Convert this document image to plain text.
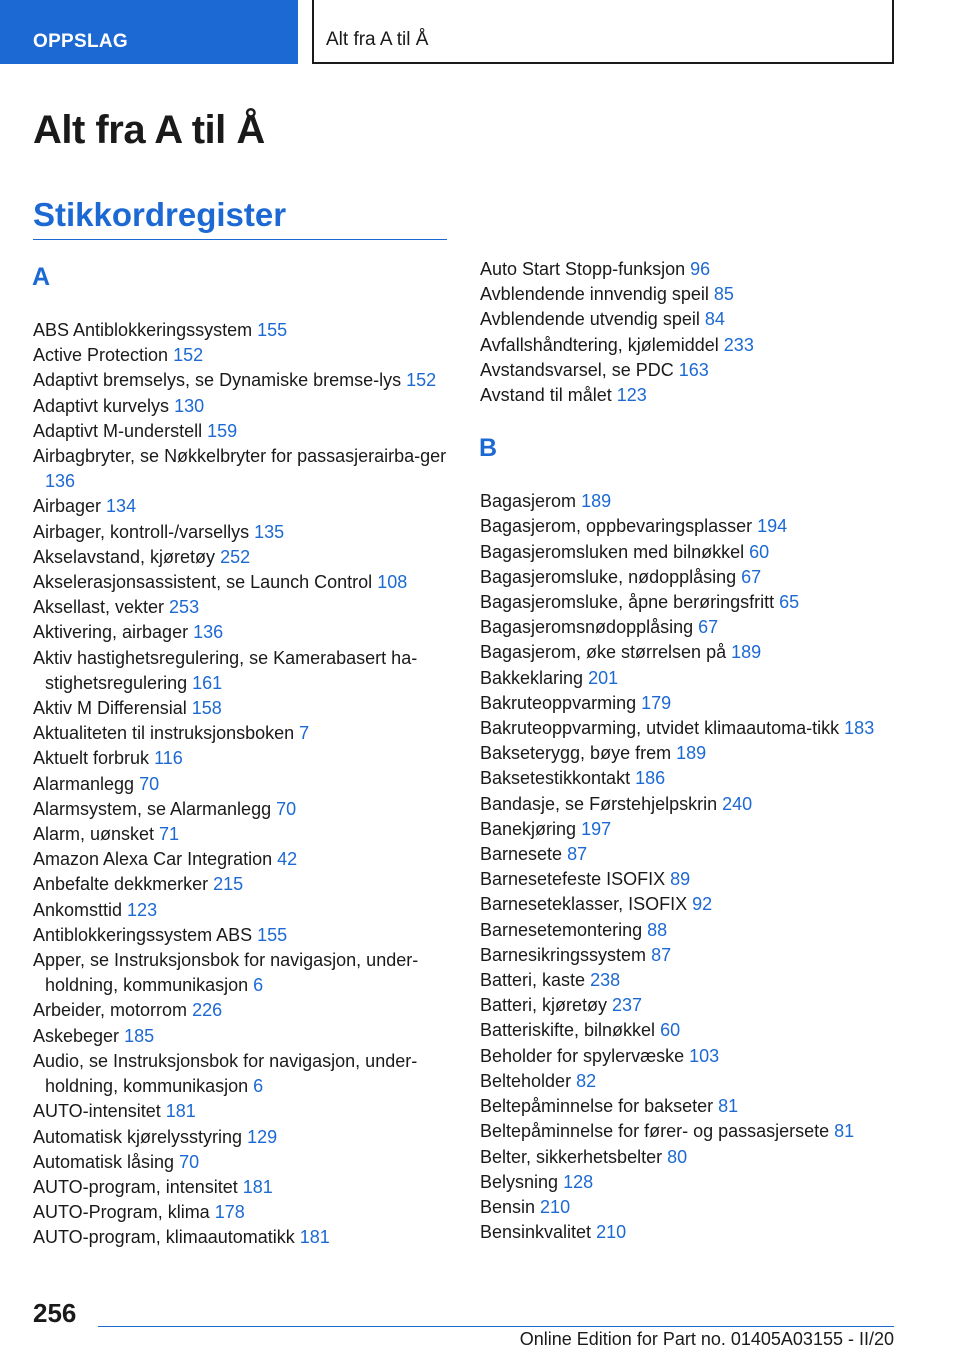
OPPSLAG	Alt fra A til Å
Alt fra A til Å
Stikkordregister
A

ABS Antiblokkeringssystem 155

Active Protection 152

Adaptivt bremselys, se Dynamiske bremse‐lys 152

Adaptivt kurvelys 130

Adaptivt M-understell 159

Airbagbryter, se Nøkkelbryter for passasjerairba‐ger 136

Airbager 134

Airbager, kontroll-/varsellys 135

Akselavstand, kjøretøy 252

Akselerasjonsassistent, se Launch Control 108

Aksellast, vekter 253

Aktivering, airbager 136

Aktiv hastighetsregulering, se Kamerabasert ha‐stighetsregulering 161

Aktiv M Differensial 158

Aktualiteten til instruksjonsboken 7

Aktuelt forbruk 116

Alarmanlegg 70

Alarmsystem, se Alarmanlegg 70

Alarm, uønsket 71

Amazon Alexa Car Integration 42

Anbefalte dekkmerker 215

Ankomsttid 123

Antiblokkeringssystem ABS 155

Apper, se Instruksjonsbok for navigasjon, under‐holdning, kommunikasjon 6

Arbeider, motorrom 226

Askebeger 185

Audio, se Instruksjonsbok for navigasjon, under‐holdning, kommunikasjon 6

AUTO-intensitet 181

Automatisk kjørelysstyring 129

Automatisk låsing 70

AUTO-program, intensitet 181

AUTO-Program, klima 178

AUTO-program, klimaautomatikk 181

Auto Start Stopp-funksjon 96

Avblendende innvendig speil 85

Avblendende utvendig speil 84

Avfallshåndtering, kjølemiddel 233

Avstandsvarsel, se PDC 163

Avstand til målet 123

B

Bagasjerom 189

Bagasjerom, oppbevaringsplasser 194

Bagasjeromsluken med bilnøkkel 60

Bagasjeromsluke, nødopplåsing 67

Bagasjeromsluke, åpne berøringsfritt 65

Bagasjeromsnødopplåsing 67

Bagasjerom, øke størrelsen på 189

Bakkeklaring 201

Bakruteoppvarming 179

Bakruteoppvarming, utvidet klimaautoma‐tikk 183

Bakseterygg, bøye frem 189

Baksetestikkontakt 186

Bandasje, se Førstehjelpskrin 240

Banekjøring 197

Barnesete 87

Barnesetefeste ISOFIX 89

Barneseteklasser, ISOFIX 92

Barnesetemontering 88

Barnesikringssystem 87

Batteri, kaste 238

Batteri, kjøretøy 237

Batteriskifte, bilnøkkel 60

Beholder for spylervæske 103

Belteholder 82

Beltepåminnelse for bakseter 81

Beltepåminnelse for fører- og passasjersete 81

Belter, sikkerhetsbelter 80

Belysning 128

Bensin 210

Bensinkvalitet 210

256
Online Edition for Part no. 01405A03155 - II/20
